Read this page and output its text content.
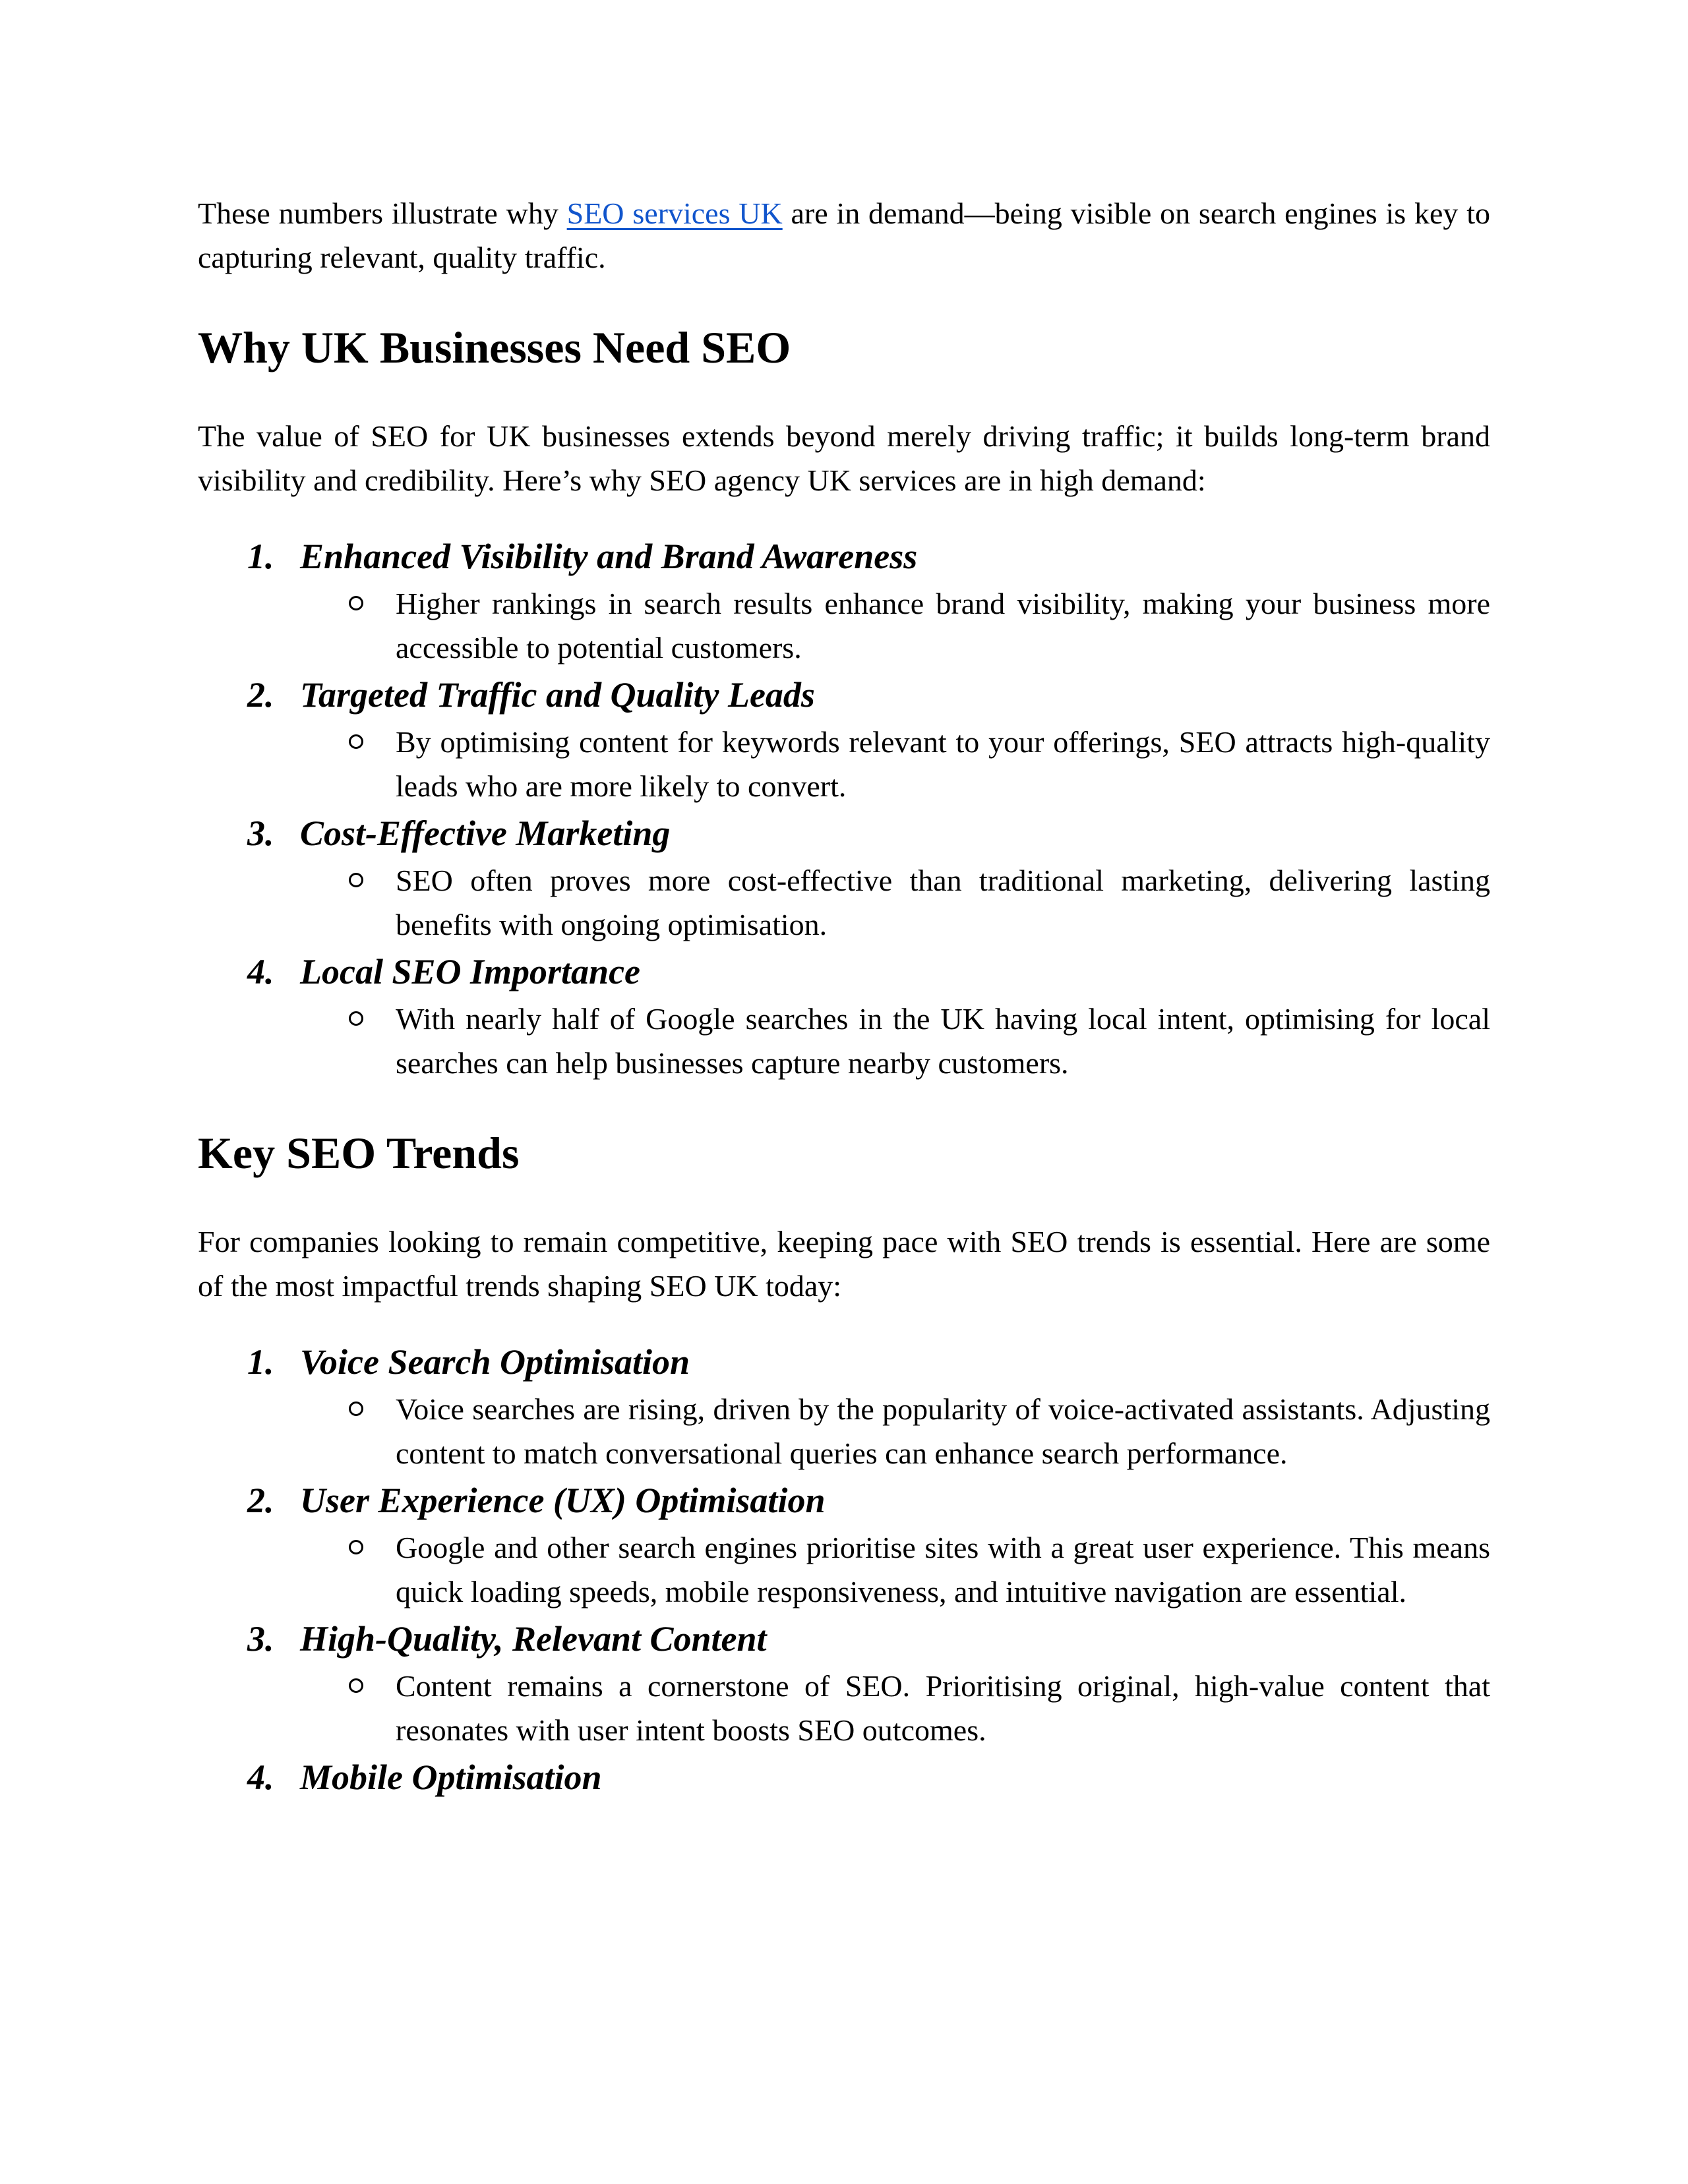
These numbers illustrate why SEO services UK are in demand—being visible on search engines is key to capturing relevant, quality traffic.

Why UK Businesses Need SEO

The value of SEO for UK businesses extends beyond merely driving traffic; it builds long-term brand visibility and credibility. Here’s why SEO agency UK services are in high demand:

1. Enhanced Visibility and Brand Awareness
Higher rankings in search results enhance brand visibility, making your business more accessible to potential customers.
2. Targeted Traffic and Quality Leads
By optimising content for keywords relevant to your offerings, SEO attracts high-quality leads who are more likely to convert.
3. Cost-Effective Marketing
SEO often proves more cost-effective than traditional marketing, delivering lasting benefits with ongoing optimisation.
4. Local SEO Importance
With nearly half of Google searches in the UK having local intent, optimising for local searches can help businesses capture nearby customers.
Key SEO Trends

For companies looking to remain competitive, keeping pace with SEO trends is essential. Here are some of the most impactful trends shaping SEO UK today:

1. Voice Search Optimisation
Voice searches are rising, driven by the popularity of voice-activated assistants. Adjusting content to match conversational queries can enhance search performance.
2. User Experience (UX) Optimisation
Google and other search engines prioritise sites with a great user experience. This means quick loading speeds, mobile responsiveness, and intuitive navigation are essential.
3. High-Quality, Relevant Content
Content remains a cornerstone of SEO. Prioritising original, high-value content that resonates with user intent boosts SEO outcomes.
4. Mobile Optimisation
